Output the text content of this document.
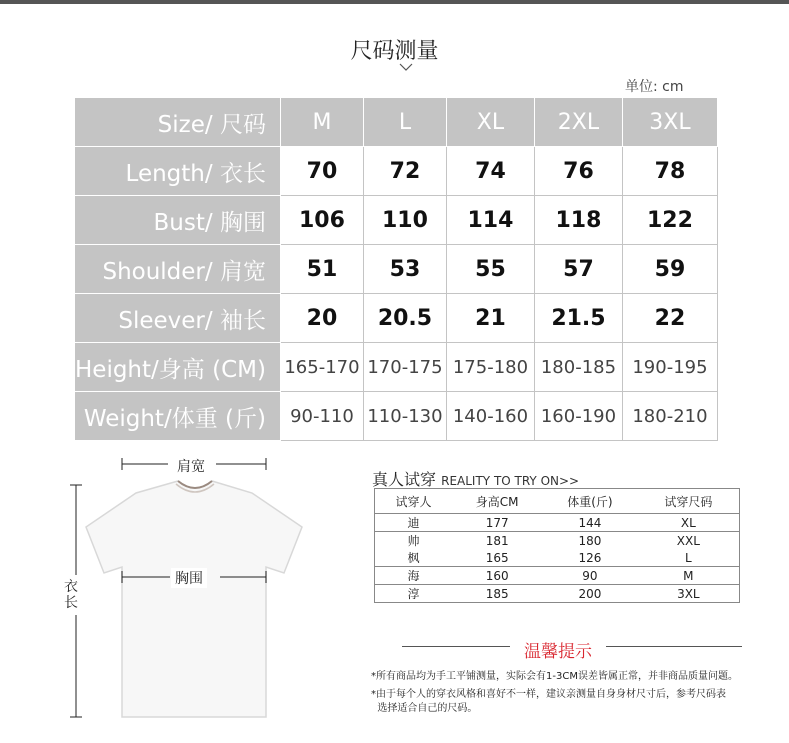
尺码测量
单位: cm
Size/ 尺码	M	L	XL	2XL	3XL
Length/ 衣长	70	72	74	76	78
Bust/ 胸围	106	110	114	118	122
Shoulder/ 肩宽	51	53	55	57	59
Sleever/ 袖长	20	20.5	21	21.5	22
Height/身高 (CM)	165-170	170-175	175-180	180-185	190-195
Weight/体重 (斤)	90-110	110-130	140-160	160-190	180-210
肩宽
胸围
衣长
真人试穿 REALITY TO TRY ON>>
试穿人	身高CM	体重(斤)	试穿尺码
迪	177	144	XL
帅	181	180	XXL
枫	165	126	L
海	160	90	M
淳	185	200	3XL
温馨提示
*所有商品均为手工平铺测量，实际会有1-3CM误差皆属正常，并非商品质量问题。
*由于每个人的穿衣风格和喜好不一样，建议亲测量自身身材尺寸后，参考尺码表
选择适合自己的尺码。
